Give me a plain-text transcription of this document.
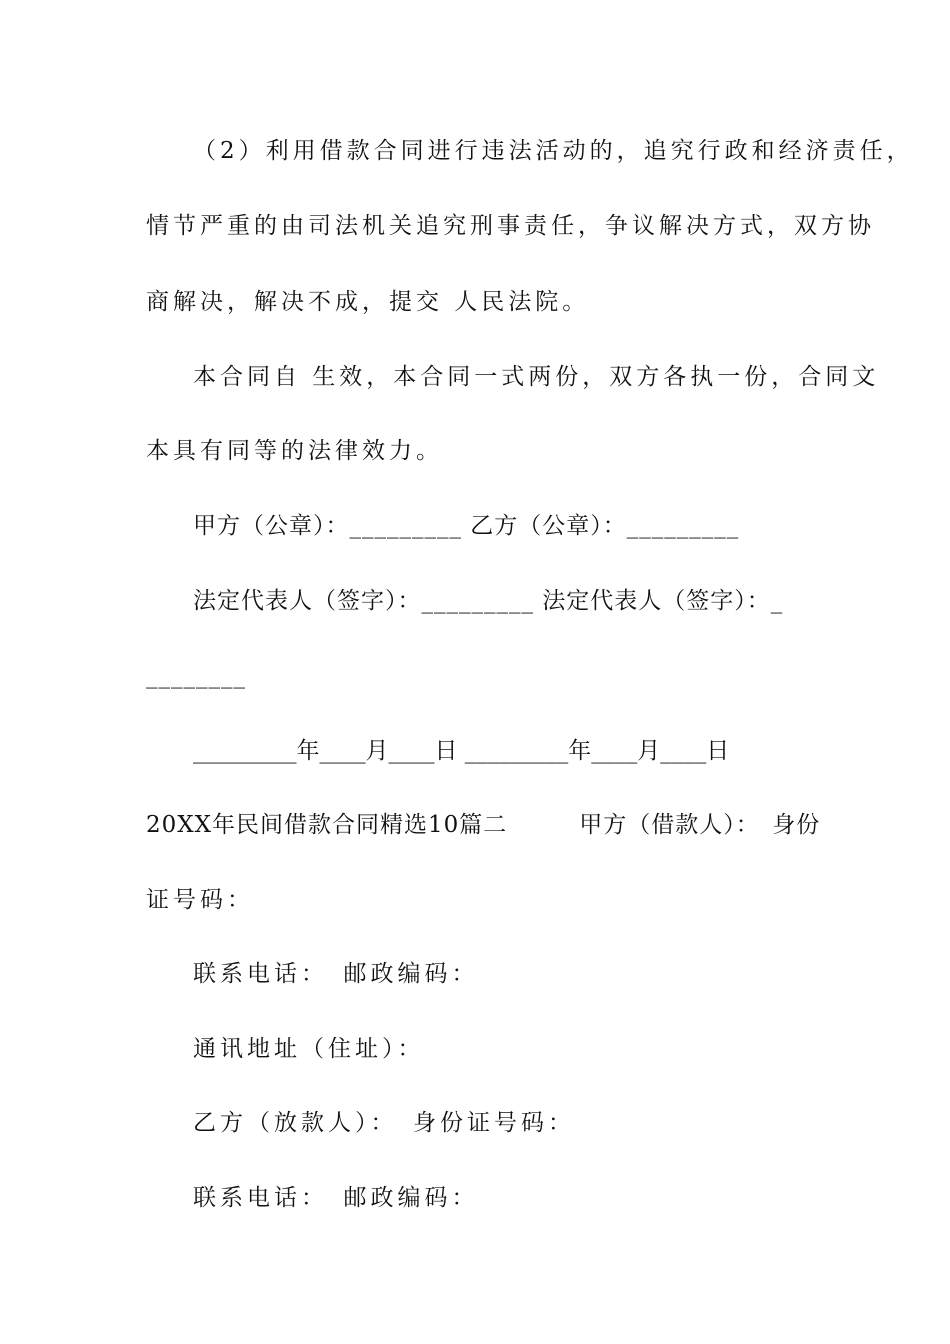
（2）利用借款合同进行违法活动的，追究行政和经济责任，
情节严重的由司法机关追究刑事责任，争议解决方式，双方协
商解决，解决不成，提交 人民法院。
本合同自 生效，本合同一式两份，双方各执一份，合同文
本具有同等的法律效力。
甲方（公章）：_________ 乙方（公章）：_________
法定代表人（签字）：_________ 法定代表人（签字）：_
________
_________年____月____日 _________年____月____日
20XX年民间借款合同精选10篇二　　　甲方（借款人）：　身份
证号码：
联系电话：　邮政编码：
通讯地址（住址）：
乙方（放款人）：　身份证号码：
联系电话：　邮政编码：
